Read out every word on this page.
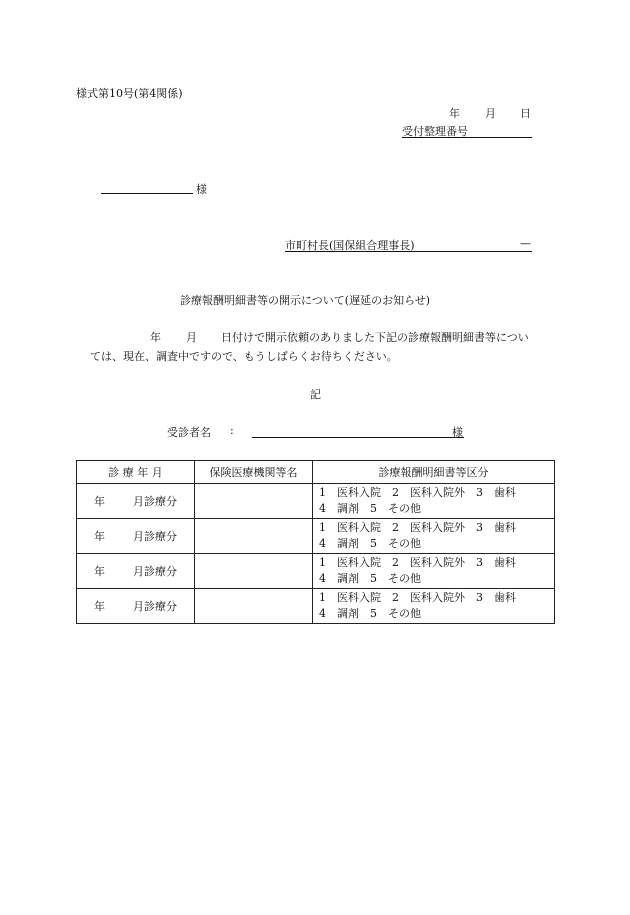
様式第10号(第4関係)
年 月 日
受付整理番号
様
市町村長(国保組合理事長)	—
診療報酬明細書等の開示について(遅延のお知らせ)
年 月 日付けで開示依頼のありました下記の診療報酬明細書等につい
ては、現在、調査中ですので、もうしばらくお待ちください。
記
受診者名 :	様
診 療 年 月	保険医療機関等名	診療報酬明細書等区分
年 月診療分		1　医科入院　2　医科入院外　3　歯科
4　調剤　5　その他

年 月診療分		1　医科入院　2　医科入院外　3　歯科
4　調剤　5　その他

年 月診療分		1　医科入院　2　医科入院外　3　歯科
4　調剤　5　その他

年 月診療分		1　医科入院　2　医科入院外　3　歯科
4　調剤　5　その他
